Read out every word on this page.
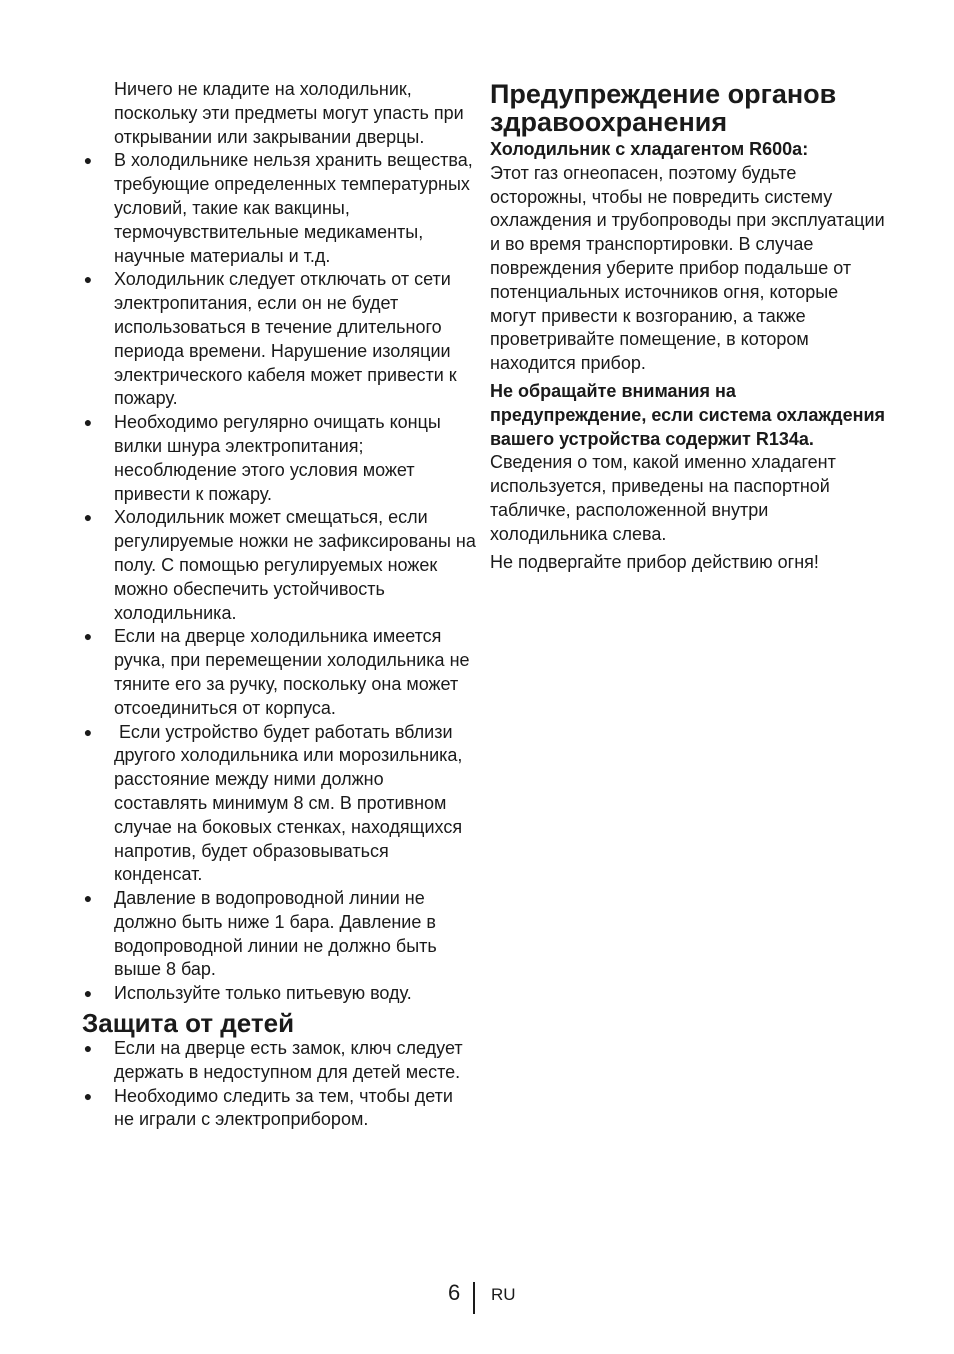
Ничего не кладите на холодильник, поскольку эти предметы могут упасть при открывании или закрывании дверцы.

● В холодильнике нельзя хранить вещества, требующие определенных температурных условий, такие как вакцины, термочувствительные медикаменты, научные материалы и т.д.
● Холодильник следует отключать от сети электропитания, если он не будет использоваться в течение длительного периода времени. Нарушение изоляции электрического кабеля может привести к пожару.
● Необходимо регулярно очищать концы вилки шнура электропитания; несоблюдение этого условия может привести к пожару.
● Холодильник может смещаться, если регулируемые ножки не зафиксированы на полу. С помощью регулируемых ножек можно обеспечить устойчивость холодильника.
● Если на дверце холодильника имеется ручка, при перемещении холодильника не тяните его за ручку, поскольку она может отсоединиться от корпуса.
● Если устройство будет работать вблизи другого холодильника или морозильника, расстояние между ними должно составлять минимум 8 см. В противном случае на боковых стенках, находящихся напротив, будет образовываться конденсат.
● Давление в водопроводной линии не должно быть ниже 1 бара. Давление в водопроводной линии не должно быть выше 8 бар.
● Используйте только питьевую воду.
Защита от детей
● Если на дверце есть замок, ключ следует держать в недоступном для детей месте.
● Необходимо следить за тем, чтобы дети не играли с электроприбором.
Предупреждение органов здравоохранения

Холодильник с хладагентом R600a:

Этот газ огнеопасен, поэтому будьте осторожны, чтобы не повредить систему охлаждения и трубопроводы при эксплуатации и во время транспортировки. В случае повреждения уберите прибор подальше от потенциальных источников огня, которые могут привести к возгоранию, а также проветривайте помещение, в котором находится прибор.

Не обращайте внимания на предупреждение, если система охлаждения вашего устройства содержит R134a.

Сведения о том, какой именно хладагент используется, приведены на паспортной табличке, расположенной внутри холодильника слева.

Не подвергайте прибор действию огня!

6 RU
